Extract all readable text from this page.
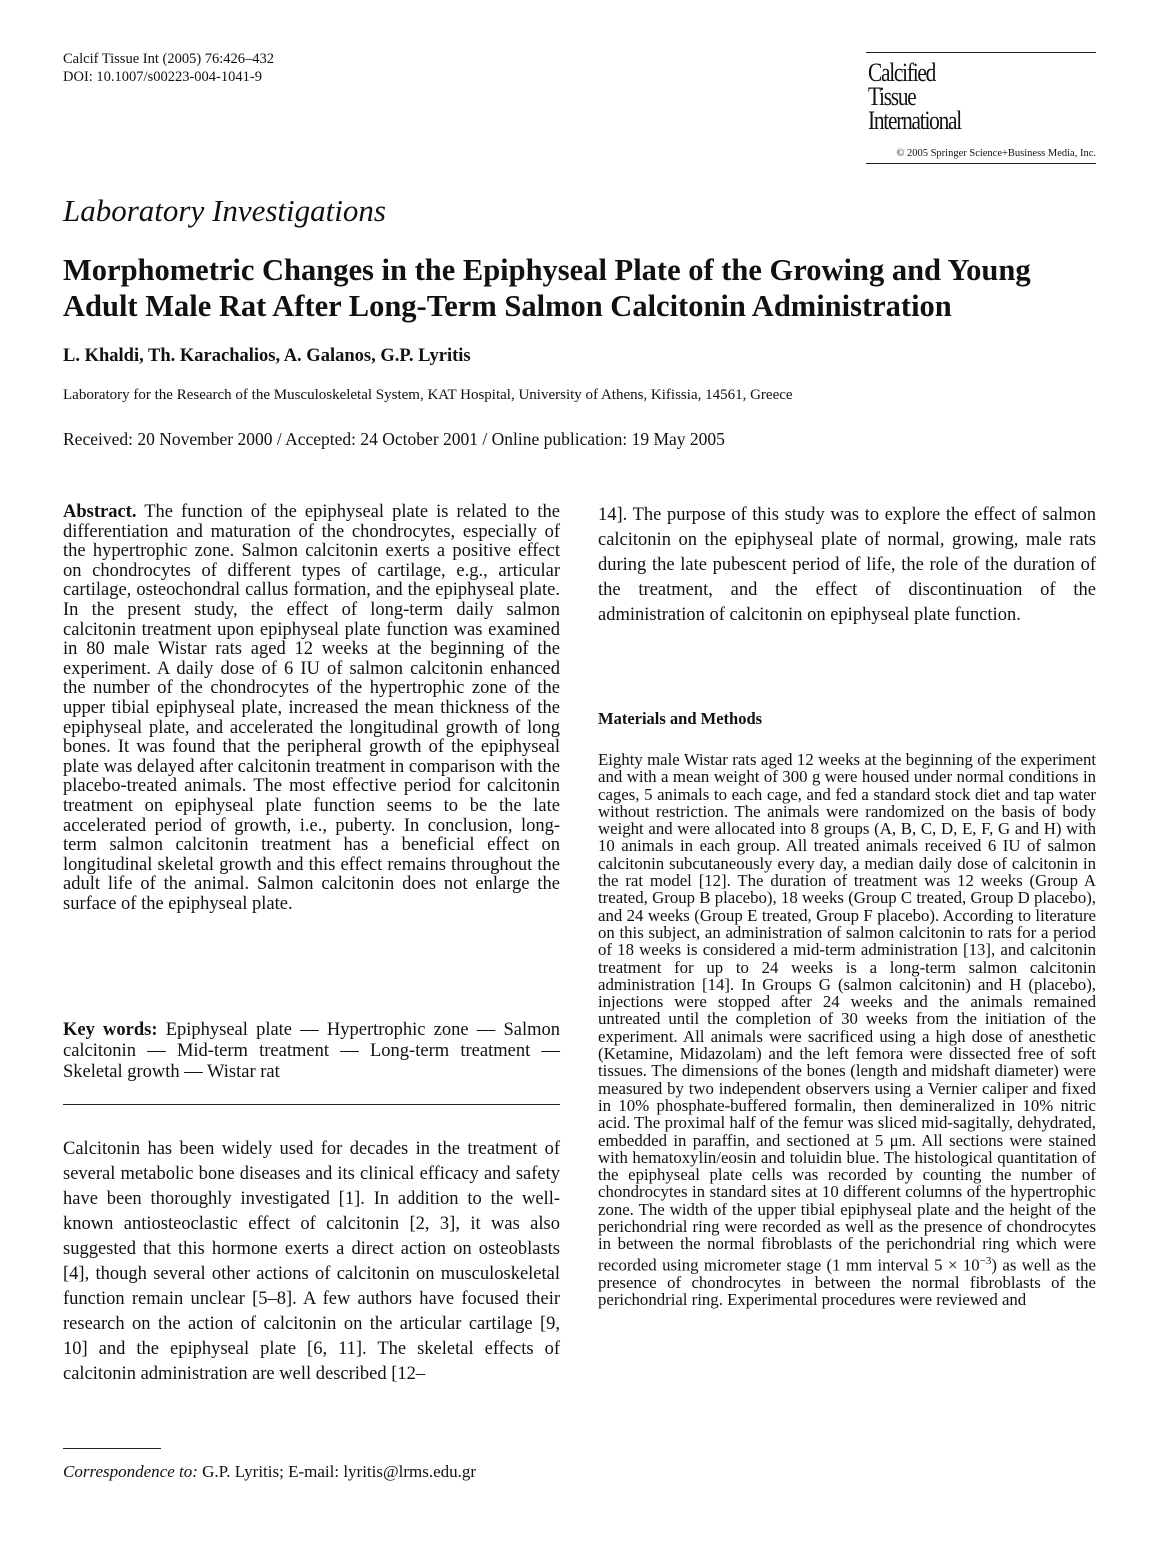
Calcif Tissue Int (2005) 76:426–432
DOI: 10.1007/s00223-004-1041-9	Calcified
Tissue
International
© 2005 Springer Science+Business Media, Inc.
Laboratory Investigations
Morphometric Changes in the Epiphyseal Plate of the Growing and Young Adult Male Rat After Long-Term Salmon Calcitonin Administration
L. Khaldi, Th. Karachalios, A. Galanos, G.P. Lyritis
Laboratory for the Research of the Musculoskeletal System, KAT Hospital, University of Athens, Kifissia, 14561, Greece
Received: 20 November 2000 / Accepted: 24 October 2001 / Online publication: 19 May 2005
Abstract. The function of the epiphyseal plate is related to the differentiation and maturation of the chondrocytes, especially of the hypertrophic zone. Salmon calcitonin exerts a positive effect on chondrocytes of different types of cartilage, e.g., articular cartilage, osteochondral callus formation, and the epiphyseal plate. In the present study, the effect of long-term daily salmon calcitonin treatment upon epiphyseal plate function was examined in 80 male Wistar rats aged 12 weeks at the beginning of the experiment. A daily dose of 6 IU of salmon calcitonin enhanced the number of the chondrocytes of the hypertrophic zone of the upper tibial epiphyseal plate, increased the mean thickness of the epiphyseal plate, and accelerated the longitudinal growth of long bones. It was found that the peripheral growth of the epiphyseal plate was delayed after calcitonin treatment in comparison with the placebo-treated animals. The most effective period for calcitonin treatment on epiphyseal plate function seems to be the late accelerated period of growth, i.e., puberty. In conclusion, long-term salmon calcitonin treatment has a beneficial effect on longitudinal skeletal growth and this effect remains throughout the adult life of the animal. Salmon calcitonin does not enlarge the surface of the epiphyseal plate.
Key words: Epiphyseal plate — Hypertrophic zone — Salmon calcitonin — Mid-term treatment — Long-term treatment — Skeletal growth — Wistar rat
Calcitonin has been widely used for decades in the treatment of several metabolic bone diseases and its clinical efficacy and safety have been thoroughly investigated [1]. In addition to the well-known antiosteoclastic effect of calcitonin [2, 3], it was also suggested that this hormone exerts a direct action on osteoblasts [4], though several other actions of calcitonin on musculoskeletal function remain unclear [5–8]. A few authors have focused their research on the action of calcitonin on the articular cartilage [9, 10] and the epiphyseal plate [6, 11]. The skeletal effects of calcitonin administration are well described [12–
Correspondence to: G.P. Lyritis; E-mail: lyritis@lrms.edu.gr
14]. The purpose of this study was to explore the effect of salmon calcitonin on the epiphyseal plate of normal, growing, male rats during the late pubescent period of life, the role of the duration of the treatment, and the effect of discontinuation of the administration of calcitonin on epiphyseal plate function.
Materials and Methods
Eighty male Wistar rats aged 12 weeks at the beginning of the experiment and with a mean weight of 300 g were housed under normal conditions in cages, 5 animals to each cage, and fed a standard stock diet and tap water without restriction. The animals were randomized on the basis of body weight and were allocated into 8 groups (A, B, C, D, E, F, G and H) with 10 animals in each group. All treated animals received 6 IU of salmon calcitonin subcutaneously every day, a median daily dose of calcitonin in the rat model [12]. The duration of treatment was 12 weeks (Group A treated, Group B placebo), 18 weeks (Group C treated, Group D placebo), and 24 weeks (Group E treated, Group F placebo). According to literature on this subject, an administration of salmon calcitonin to rats for a period of 18 weeks is considered a mid-term administration [13], and calcitonin treatment for up to 24 weeks is a long-term salmon calcitonin administration [14]. In Groups G (salmon calcitonin) and H (placebo), injections were stopped after 24 weeks and the animals remained untreated until the completion of 30 weeks from the initiation of the experiment. All animals were sacrificed using a high dose of anesthetic (Ketamine, Midazolam) and the left femora were dissected free of soft tissues. The dimensions of the bones (length and midshaft diameter) were measured by two independent observers using a Vernier caliper and fixed in 10% phosphate-buffered formalin, then demineralized in 10% nitric acid. The proximal half of the femur was sliced mid-sagitally, dehydrated, embedded in paraffin, and sectioned at 5 μm. All sections were stained with hematoxylin/eosin and toluidin blue. The histological quantitation of the epiphyseal plate cells was recorded by counting the number of chondrocytes in standard sites at 10 different columns of the hypertrophic zone. The width of the upper tibial epiphyseal plate and the height of the perichondrial ring were recorded as well as the presence of chondrocytes in between the normal fibroblasts of the perichondrial ring which were recorded using micrometer stage (1 mm interval $5 \times 10^{-3}$) as well as the presence of chondrocytes in between the normal fibroblasts of the perichondrial ring. Experimental procedures were reviewed and
